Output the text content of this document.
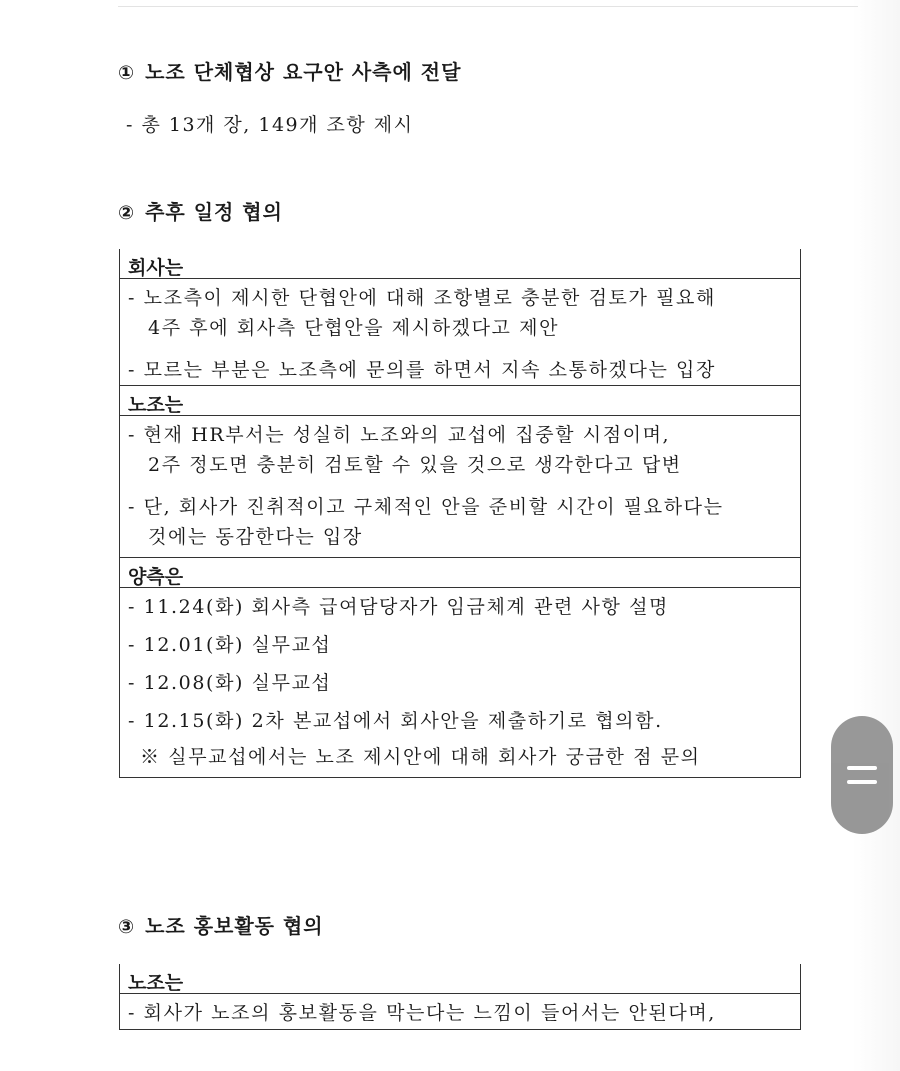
① 노조 단체협상 요구안 사측에 전달
- 총 13개 장, 149개 조항 제시
② 추후 일정 협의
회사는
- 노조측이 제시한 단협안에 대해 조항별로 충분한 검토가 필요해
4주 후에 회사측 단협안을 제시하겠다고 제안
- 모르는 부분은 노조측에 문의를 하면서 지속 소통하겠다는 입장
노조는
- 현재 HR부서는 성실히 노조와의 교섭에 집중할 시점이며,
2주 정도면 충분히 검토할 수 있을 것으로 생각한다고 답변
- 단, 회사가 진취적이고 구체적인 안을 준비할 시간이 필요하다는
것에는 동감한다는 입장
양측은
- 11.24(화) 회사측 급여담당자가 임금체계 관련 사항 설명
- 12.01(화) 실무교섭
- 12.08(화) 실무교섭
- 12.15(화) 2차 본교섭에서 회사안을 제출하기로 협의함.
※ 실무교섭에서는 노조 제시안에 대해 회사가 궁금한 점 문의
③ 노조 홍보활동 협의
노조는
- 회사가 노조의 홍보활동을 막는다는 느낌이 들어서는 안된다며,
